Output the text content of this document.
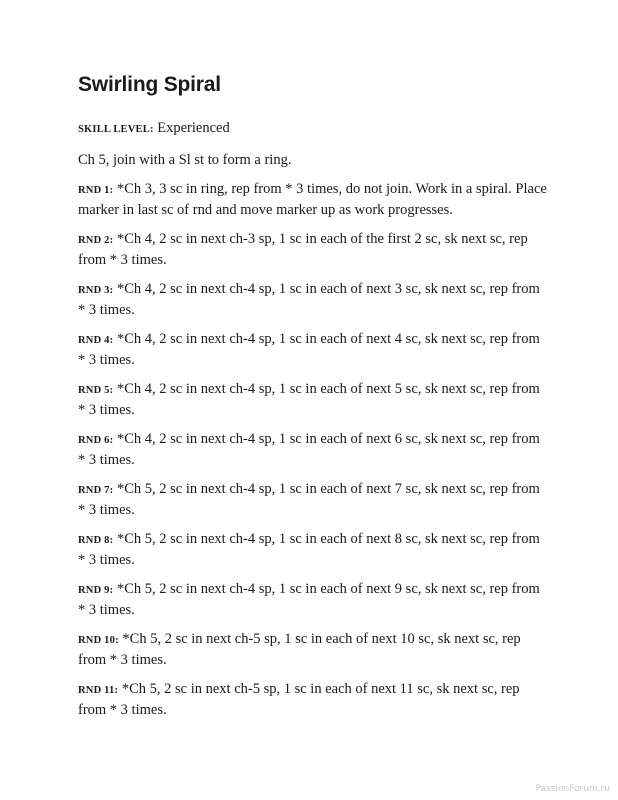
Swirling Spiral

SKILL LEVEL: Experienced

Ch 5, join with a Sl st to form a ring.

RND 1: *Ch 3, 3 sc in ring, rep from * 3 times, do not join. Work in a spiral. Place marker in last sc of rnd and move marker up as work progresses.

RND 2: *Ch 4, 2 sc in next ch-3 sp, 1 sc in each of the first 2 sc, sk next sc, rep from * 3 times.

RND 3: *Ch 4, 2 sc in next ch-4 sp, 1 sc in each of next 3 sc, sk next sc, rep from * 3 times.

RND 4: *Ch 4, 2 sc in next ch-4 sp, 1 sc in each of next 4 sc, sk next sc, rep from * 3 times.

RND 5: *Ch 4, 2 sc in next ch-4 sp, 1 sc in each of next 5 sc, sk next sc, rep from * 3 times.

RND 6: *Ch 4, 2 sc in next ch-4 sp, 1 sc in each of next 6 sc, sk next sc, rep from * 3 times.

RND 7: *Ch 5, 2 sc in next ch-4 sp, 1 sc in each of next 7 sc, sk next sc, rep from * 3 times.

RND 8: *Ch 5, 2 sc in next ch-4 sp, 1 sc in each of next 8 sc, sk next sc, rep from * 3 times.

RND 9: *Ch 5, 2 sc in next ch-4 sp, 1 sc in each of next 9 sc, sk next sc, rep from * 3 times.

RND 10: *Ch 5, 2 sc in next ch-5 sp, 1 sc in each of next 10 sc, sk next sc, rep from * 3 times.

RND 11: *Ch 5, 2 sc in next ch-5 sp, 1 sc in each of next 11 sc, sk next sc, rep from * 3 times.

PassionForum.ru
